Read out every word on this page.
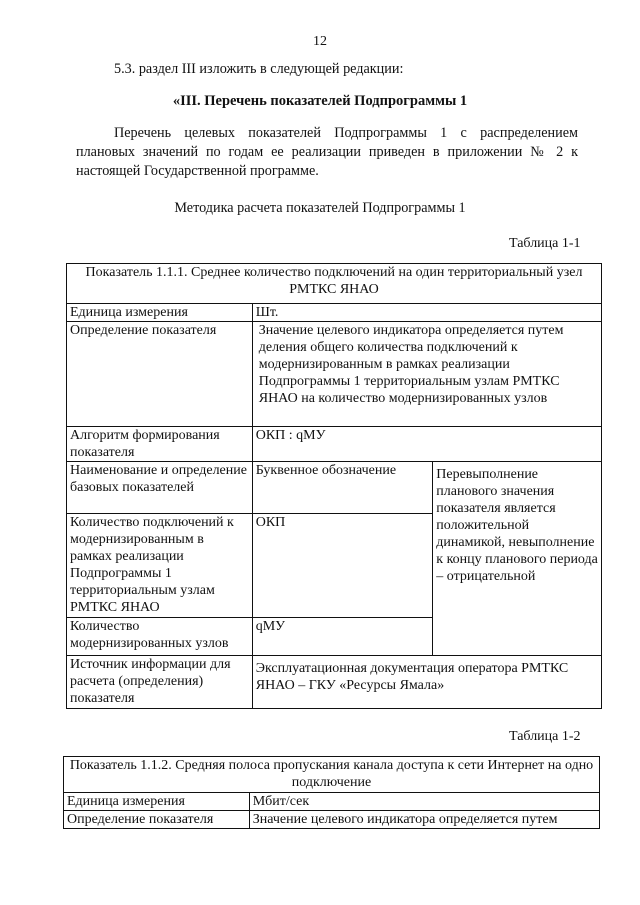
12
5.3. раздел III изложить в следующей редакции:
«III. Перечень показателей Подпрограммы 1
Перечень целевых показателей Подпрограммы 1 с распределением плановых значений по годам ее реализации приведен в приложении № 2 к настоящей Государственной программе.
Методика расчета показателей Подпрограммы 1
Таблица 1-1
Показатель 1.1.1. Среднее количество подключений на один территориальный узел РМТКС ЯНАО		
Единица измерения	Шт.	
Определение показателя	Значение целевого индикатора определяется путем деления общего количества подключений к модернизированным в рамках реализации Подпрограммы 1 территориальным узлам РМТКС ЯНАО на количество модернизированных узлов	
Алгоритм формирования показателя	ОКП : qМУ	
Наименование и определение базовых показателей	Буквенное обозначение	Перевыполнение планового значения показателя является положительной динамикой, невыполнение к концу планового периода – отрицательной
Количество подключений к модернизированным в рамках реализации Подпрограммы 1 территориальным узлам РМТКС ЯНАО	ОКП	
Количество модернизированных узлов	qМУ	
Источник информации для расчета (определения) показателя	Эксплуатационная документация оператора РМТКС ЯНАО – ГКУ «Ресурсы Ямала»	
Таблица 1-2
Показатель 1.1.2. Средняя полоса пропускания канала доступа к сети Интернет на одно подключение	
Единица измерения	Мбит/сек
Определение показателя	Значение целевого индикатора определяется путем
